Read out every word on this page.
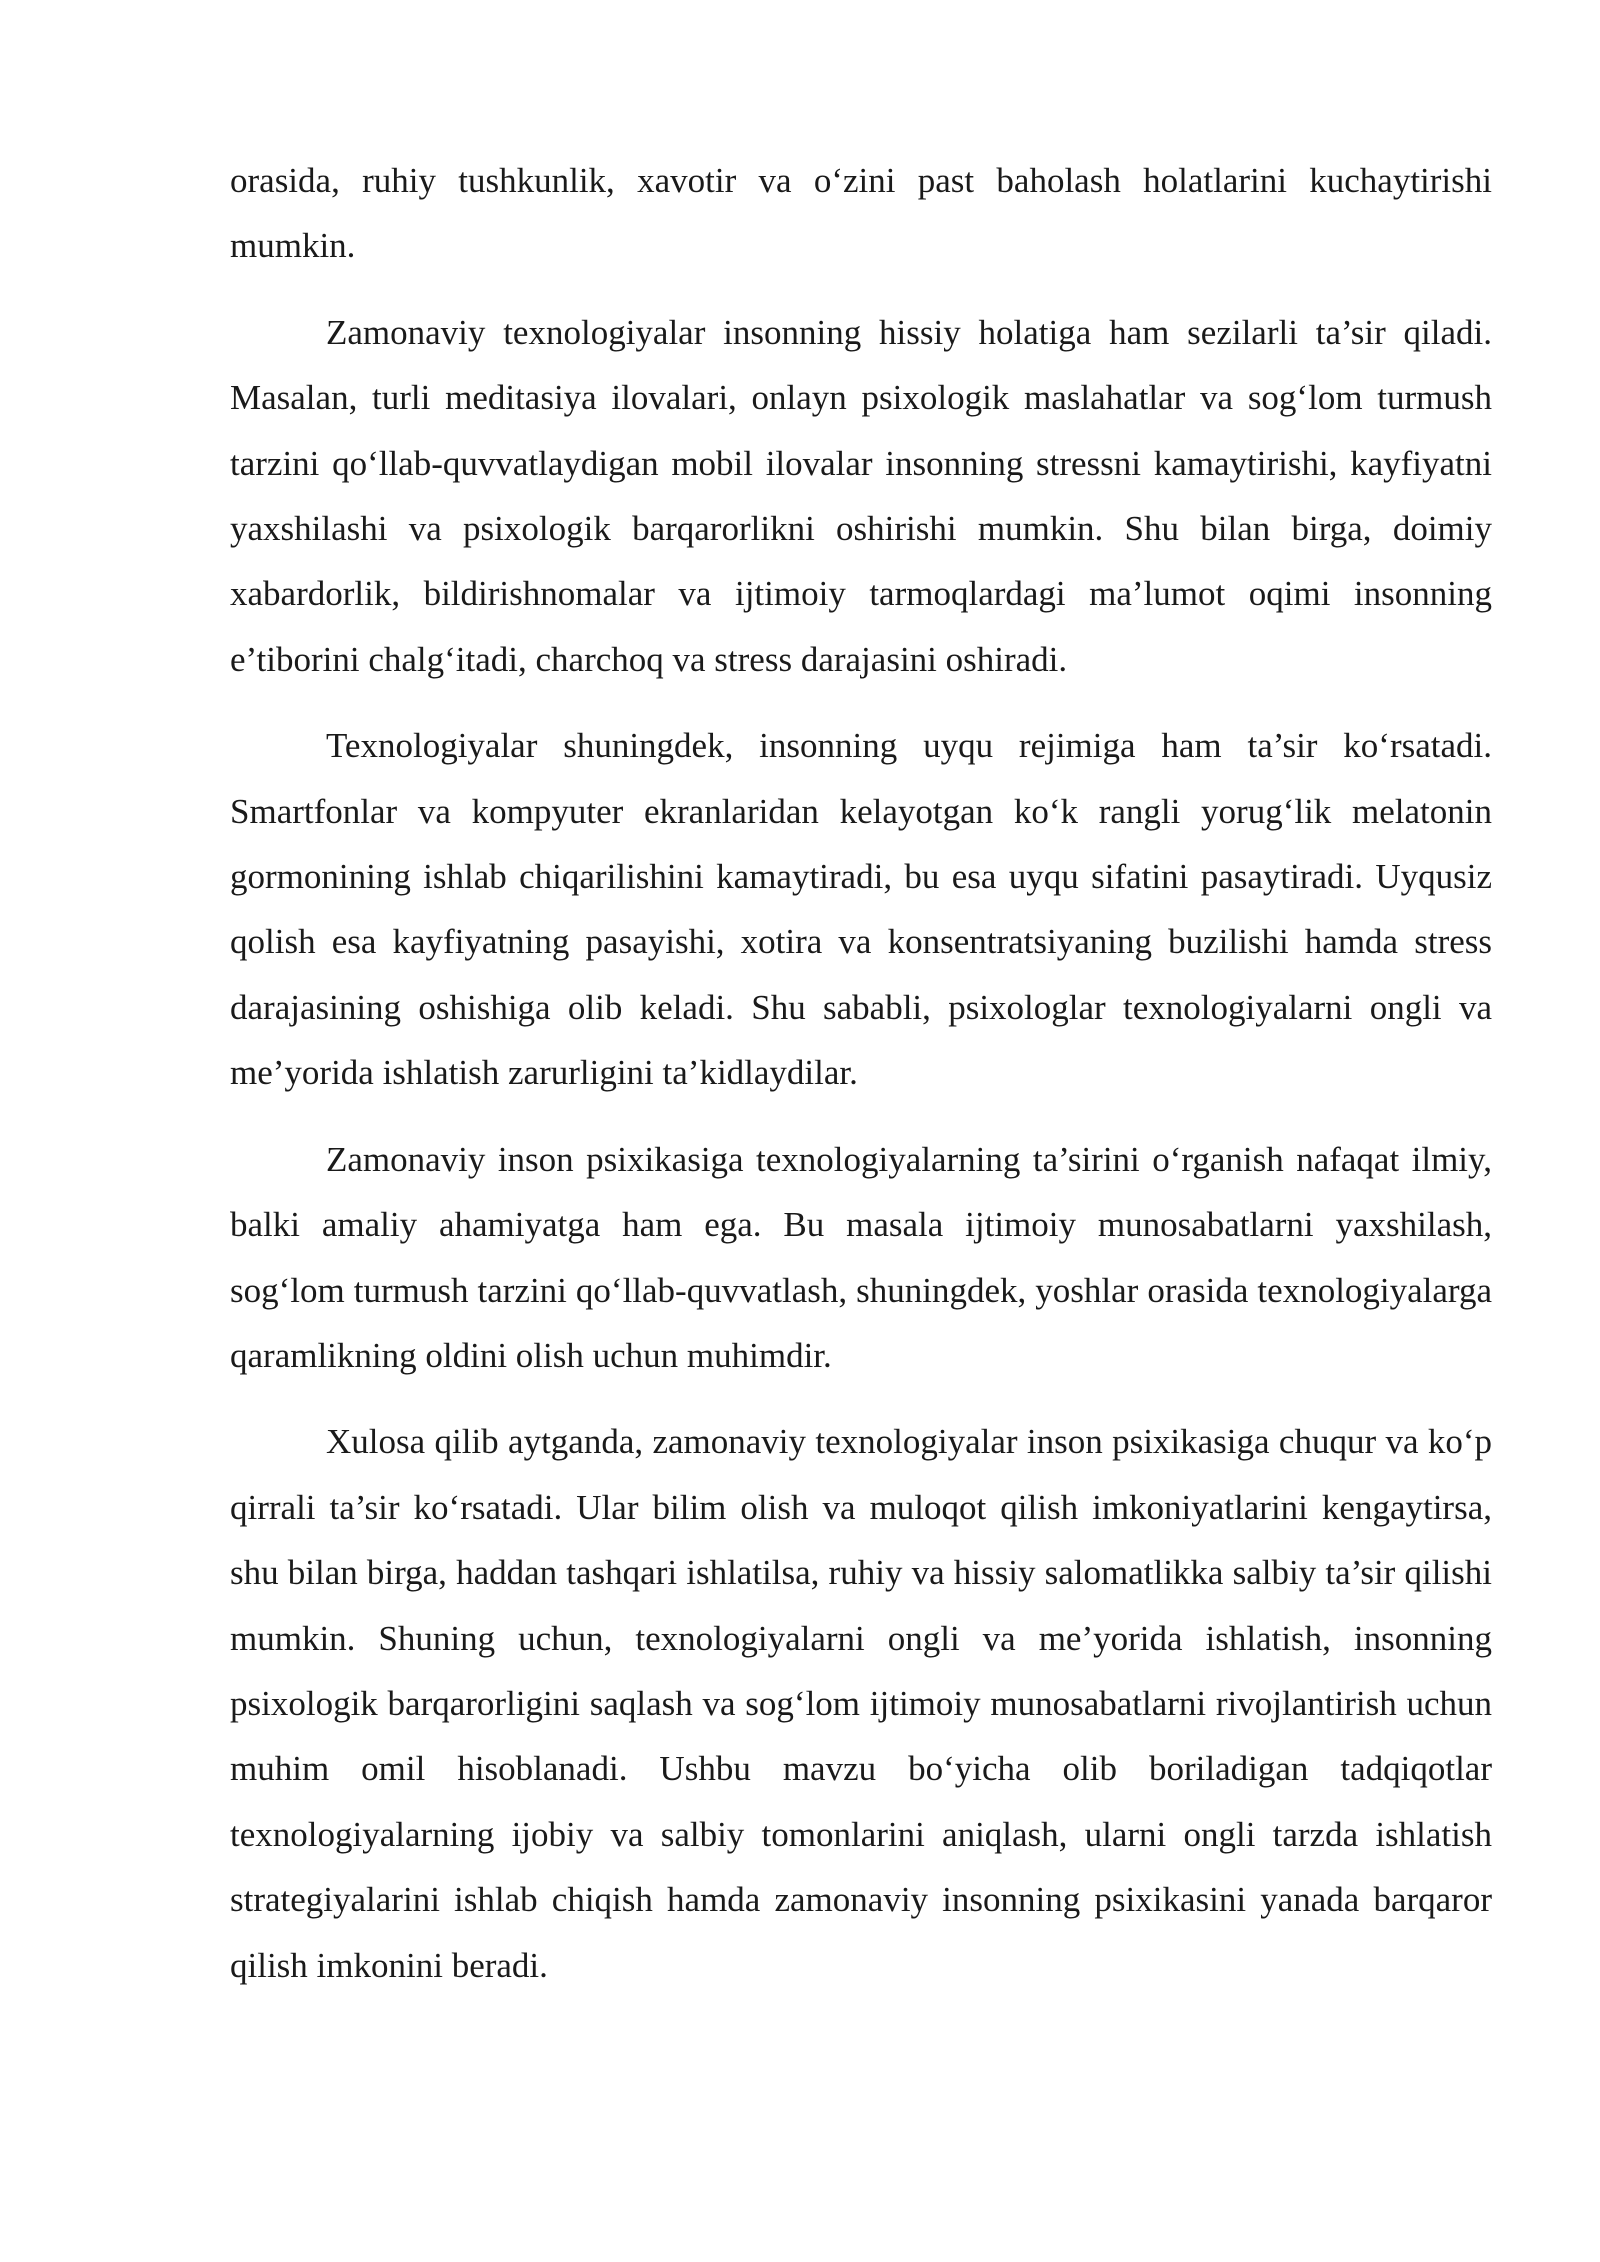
orasida, ruhiy tushkunlik, xavotir va o‘zini past baholash holatlarini kuchaytirishi mumkin.

Zamonaviy texnologiyalar insonning hissiy holatiga ham sezilarli ta’sir qiladi. Masalan, turli meditasiya ilovalari, onlayn psixologik maslahatlar va sog‘lom turmush tarzini qo‘llab-quvvatlaydigan mobil ilovalar insonning stressni kamaytirishi, kayfiyatni yaxshilashi va psixologik barqarorlikni oshirishi mumkin. Shu bilan birga, doimiy xabardorlik, bildirishnomalar va ijtimoiy tarmoqlardagi ma’lumot oqimi insonning e’tiborini chalg‘itadi, charchoq va stress darajasini oshiradi.

Texnologiyalar shuningdek, insonning uyqu rejimiga ham ta’sir ko‘rsatadi. Smartfonlar va kompyuter ekranlaridan kelayotgan ko‘k rangli yorug‘lik melatonin gormonining ishlab chiqarilishini kamaytiradi, bu esa uyqu sifatini pasaytiradi. Uyqusiz qolish esa kayfiyatning pasayishi, xotira va konsentratsiyaning buzilishi hamda stress darajasining oshishiga olib keladi. Shu sababli, psixologlar texnologiyalarni ongli va me’yorida ishlatish zarurligini ta’kidlaydilar.

Zamonaviy inson psixikasiga texnologiyalarning ta’sirini o‘rganish nafaqat ilmiy, balki amaliy ahamiyatga ham ega. Bu masala ijtimoiy munosabatlarni yaxshilash, sog‘lom turmush tarzini qo‘llab-quvvatlash, shuningdek, yoshlar orasida texnologiyalarga qaramlikning oldini olish uchun muhimdir.

Xulosa qilib aytganda, zamonaviy texnologiyalar inson psixikasiga chuqur va ko‘p qirrali ta’sir ko‘rsatadi. Ular bilim olish va muloqot qilish imkoniyatlarini kengaytirsa, shu bilan birga, haddan tashqari ishlatilsa, ruhiy va hissiy salomatlikka salbiy ta’sir qilishi mumkin. Shuning uchun, texnologiyalarni ongli va me’yorida ishlatish, insonning psixologik barqarorligini saqlash va sog‘lom ijtimoiy munosabatlarni rivojlantirish uchun muhim omil hisoblanadi. Ushbu mavzu bo‘yicha olib boriladigan tadqiqotlar texnologiyalarning ijobiy va salbiy tomonlarini aniqlash, ularni ongli tarzda ishlatish strategiyalarini ishlab chiqish hamda zamonaviy insonning psixikasini yanada barqaror qilish imkonini beradi.
